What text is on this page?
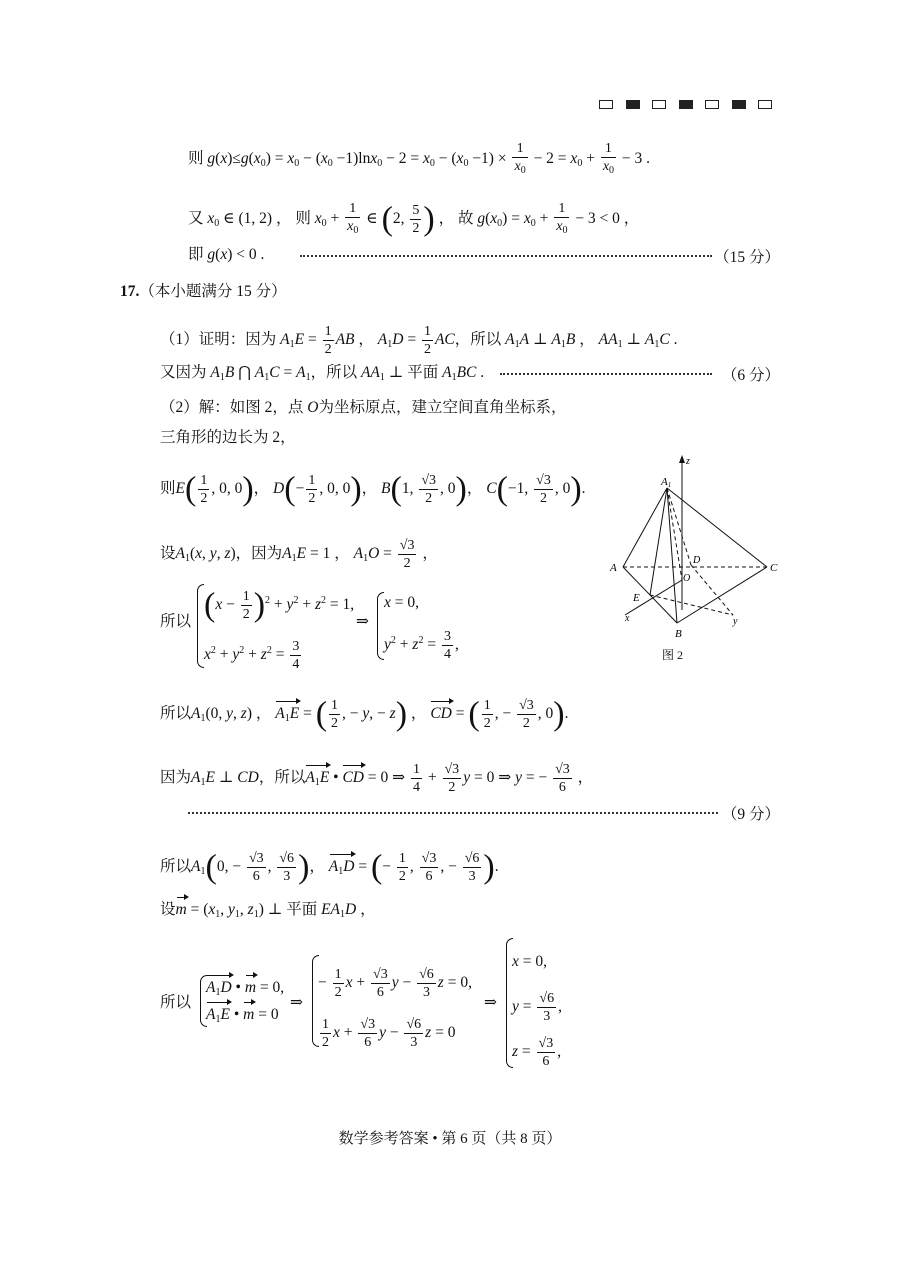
则 $g(x)\le g(x_0) = x_0 - (x_0 -1)\ln x_0 - 2 = x_0 - (x_0 -1) \times \frac{1}{x_0} - 2 = x_0 + \frac{1}{x_0} - 3$ .
又 $x_0$ ∈ (1, 2) ， 则 $x_0 + \frac{1}{x_0}$ ∈ (2, $\frac{5}{2}$ ) ， 故 $g(x_0) = x_0 + \frac{1}{x_0} - 3 < 0$ ，
即 g(x) < 0 .	（15 分）
17.（本小题满分 15 分）
（1）证明：因为 $A_1E = \frac{1}{2}$ AB ， $A_1D = \frac{1}{2}$ AC，所以 $A_1A$ ⊥ $A_1B$ ， $AA_1$ ⊥ $A_1C$ .
又因为 $A_1B$ ⋂ $A_1C = A_1$，所以 $AA_1$ ⊥ 平面 $A_1BC$ .	（6 分）
（2）解：如图 2，点 O为坐标原点，建立空间直角坐标系，
三角形的边长为 2，
则$E( \frac{1}{2}$ , 0, 0)， $D(- \frac{1}{2}$ , 0, 0)， B(1, $\frac{√3}{2}$ , 0)， C(−1, $\frac{√3}{2}$ , 0).
设$A_1(x$, y, z)，因为$A_1E = 1$ ， $A_1O = \frac{√3}{2}$ ，
所以 $(x - \frac{1}{2} )^2 + y^2 + z^2 = 1$,
$x^2 + y^2 + z^2 = \frac{3}{4}$
⇒
x = 0,
$y^2 + z^2 = \frac{3}{4}$ ,
所以$A_1(0$, y, z) ， $A_1E$ = ( $\frac{1}{2}$ , − y, − z) ， CD = ( $\frac{1}{2}$ , − $\frac{√3}{2}$ , 0).
因为$A_1E$ ⊥ CD，所以$A_1E$ • CD = 0 ⇒ $\frac{1}{4} + \frac{√3}{2}$ y = 0 ⇒ y = − $\frac{√3}{6}$ ，
（9 分）
所以$A_1(0$, − $\frac{√3}{6}$ , $\frac{√6}{3}$ )， $A_1D$ = (− $\frac{1}{2}$ , $\frac{√3}{6}$ , − $\frac{√6}{3}$ ).
设$m = (x_1$, $y_1$, $z_1$) ⊥ 平面 $EA_1D$ ，
所以
$A_1D$ • m = 0,
$A_1E$ • m = 0
⇒
− $\frac{1}{2}$ $x + \frac{√3}{6}$ $y - \frac{√6}{3}$ z = 0,
$\frac{1}{2}$ $x + \frac{√3}{6}$ $y - \frac{√6}{3}$ z = 0
⇒
x = 0,
$y = \frac{√6}{3}$ ,
$z = \frac{√3}{6}$ ,
A1
A	C
B
D
O
E
x	y
z
图 2
数学参考答案 • 第 6 页（共 8 页）
